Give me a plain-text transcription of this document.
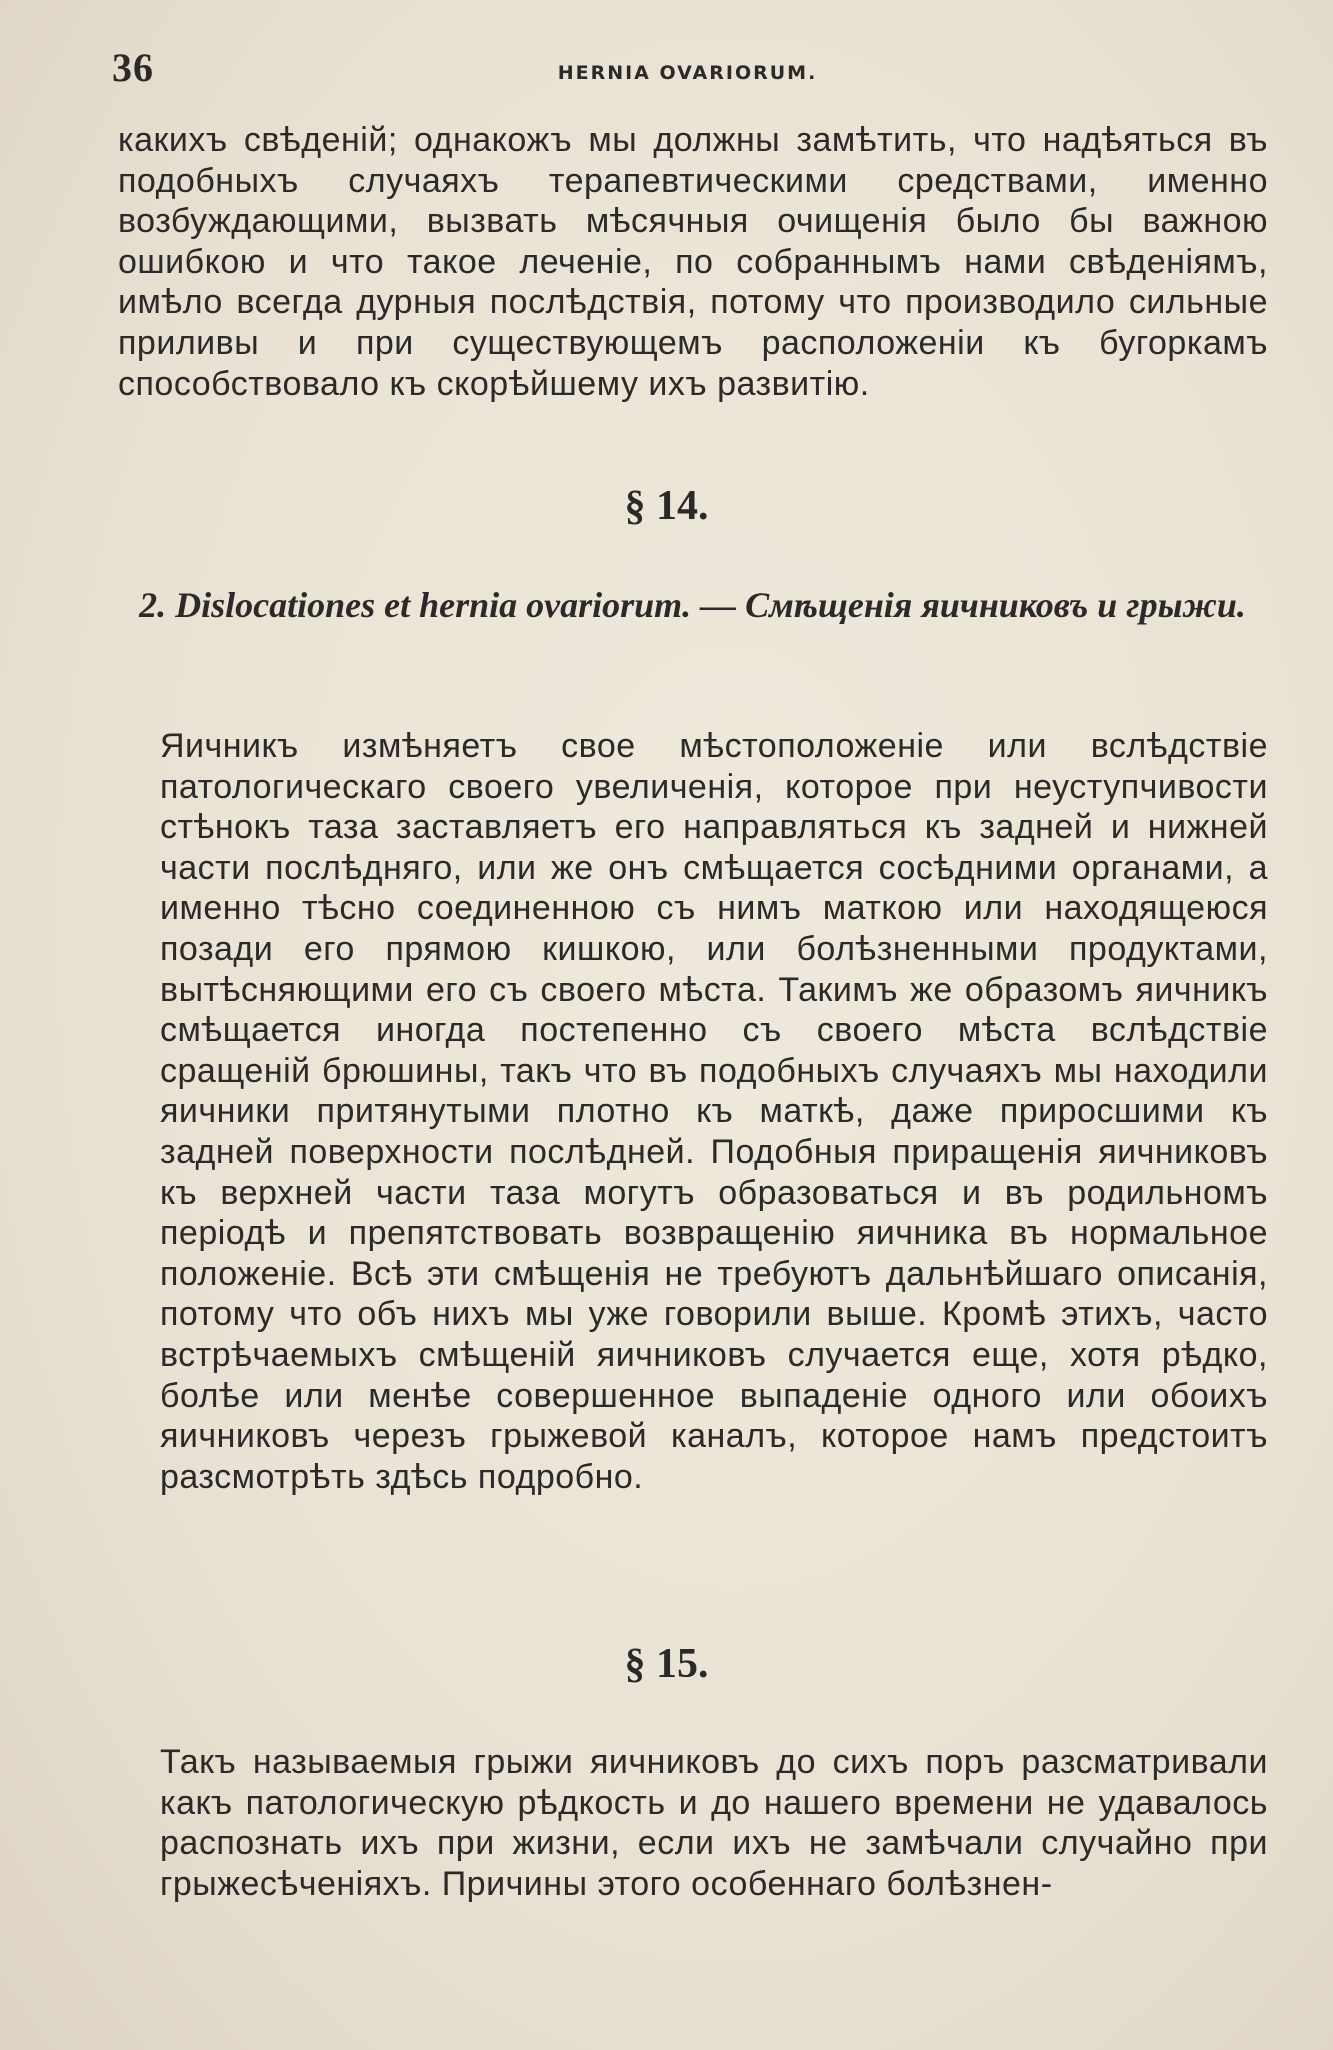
36	HERNIA OVARIORUM.
какихъ свѣденій; однакожъ мы должны замѣтить, что надѣяться въ подобныхъ случаяхъ терапевтическими средствами, именно возбуждающими, вызвать мѣсячныя очищенія было бы важною ошибкою и что такое леченіе, по собраннымъ нами свѣденіямъ, имѣло всегда дурныя послѣдствія, потому что производило сильные приливы и при существующемъ расположеніи къ бугоркамъ способствовало къ скорѣйшему ихъ развитію.
§ 14.
2. Dislocationes et hernia ovariorum. — Смѣщенія яичниковъ и грыжи.
Яичникъ измѣняетъ свое мѣстоположеніе или вслѣдствіе патологическаго своего увеличенія, которое при неуступчивости стѣнокъ таза заставляетъ его направляться къ задней и нижней части послѣдняго, или же онъ смѣщается сосѣдними органами, а именно тѣсно соединенною съ нимъ маткою или находящеюся позади его прямою кишкою, или болѣзненными продуктами, вытѣсняющими его съ своего мѣста. Такимъ же образомъ яичникъ смѣщается иногда постепенно съ своего мѣста вслѣдствіе сращеній брюшины, такъ что въ подобныхъ случаяхъ мы находили яичники притянутыми плотно къ маткѣ, даже приросшими къ задней поверхности послѣдней. Подобныя приращенія яичниковъ къ верхней части таза могутъ образоваться и въ родильномъ періодѣ и препятствовать возвращенію яичника въ нормальное положеніе. Всѣ эти смѣщенія не требуютъ дальнѣйшаго описанія, потому что объ нихъ мы уже говорили выше. Кромѣ этихъ, часто встрѣчаемыхъ смѣщеній яичниковъ случается еще, хотя рѣдко, болѣе или менѣе совершенное выпаденіе одного или обоихъ яичниковъ черезъ грыжевой каналъ, которое намъ предстоитъ разсмотрѣть здѣсь подробно.
§ 15.
Такъ называемыя грыжи яичниковъ до сихъ поръ разсматривали какъ патологическую рѣдкость и до нашего времени не удавалось распознать ихъ при жизни, если ихъ не замѣчали случайно при грыжесѣченіяхъ. Причины этого особеннаго болѣзнен-
